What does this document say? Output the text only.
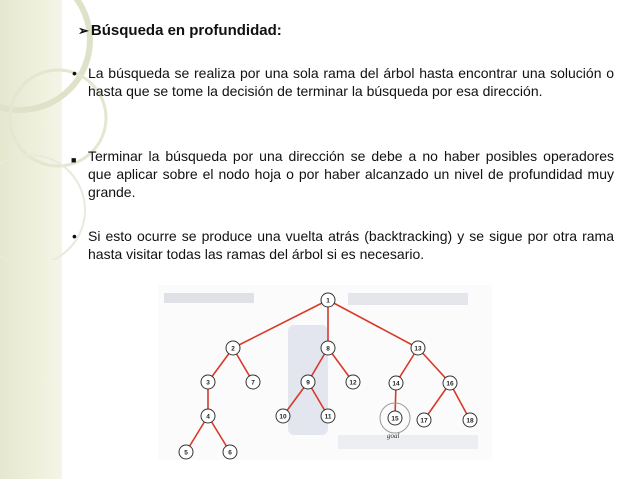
➢ Búsqueda en profundidad:
• La búsqueda se realiza por una sola rama del árbol hasta encontrar una solución o hasta que se tome la decisión de terminar la búsqueda por esa dirección.
■ Terminar la búsqueda por una dirección se debe a no haber posibles operadores que aplicar sobre el nodo hoja o por haber alcanzado un nivel de profundidad muy grande.
• Si esto ocurre se produce una vuelta atrás (backtracking) y se sigue por otra rama hasta visitar todas las ramas del árbol si es necesario.
1
2	8	13
3	7	9	12	14	16
4	10	11	15	17	18
5	6
goal
